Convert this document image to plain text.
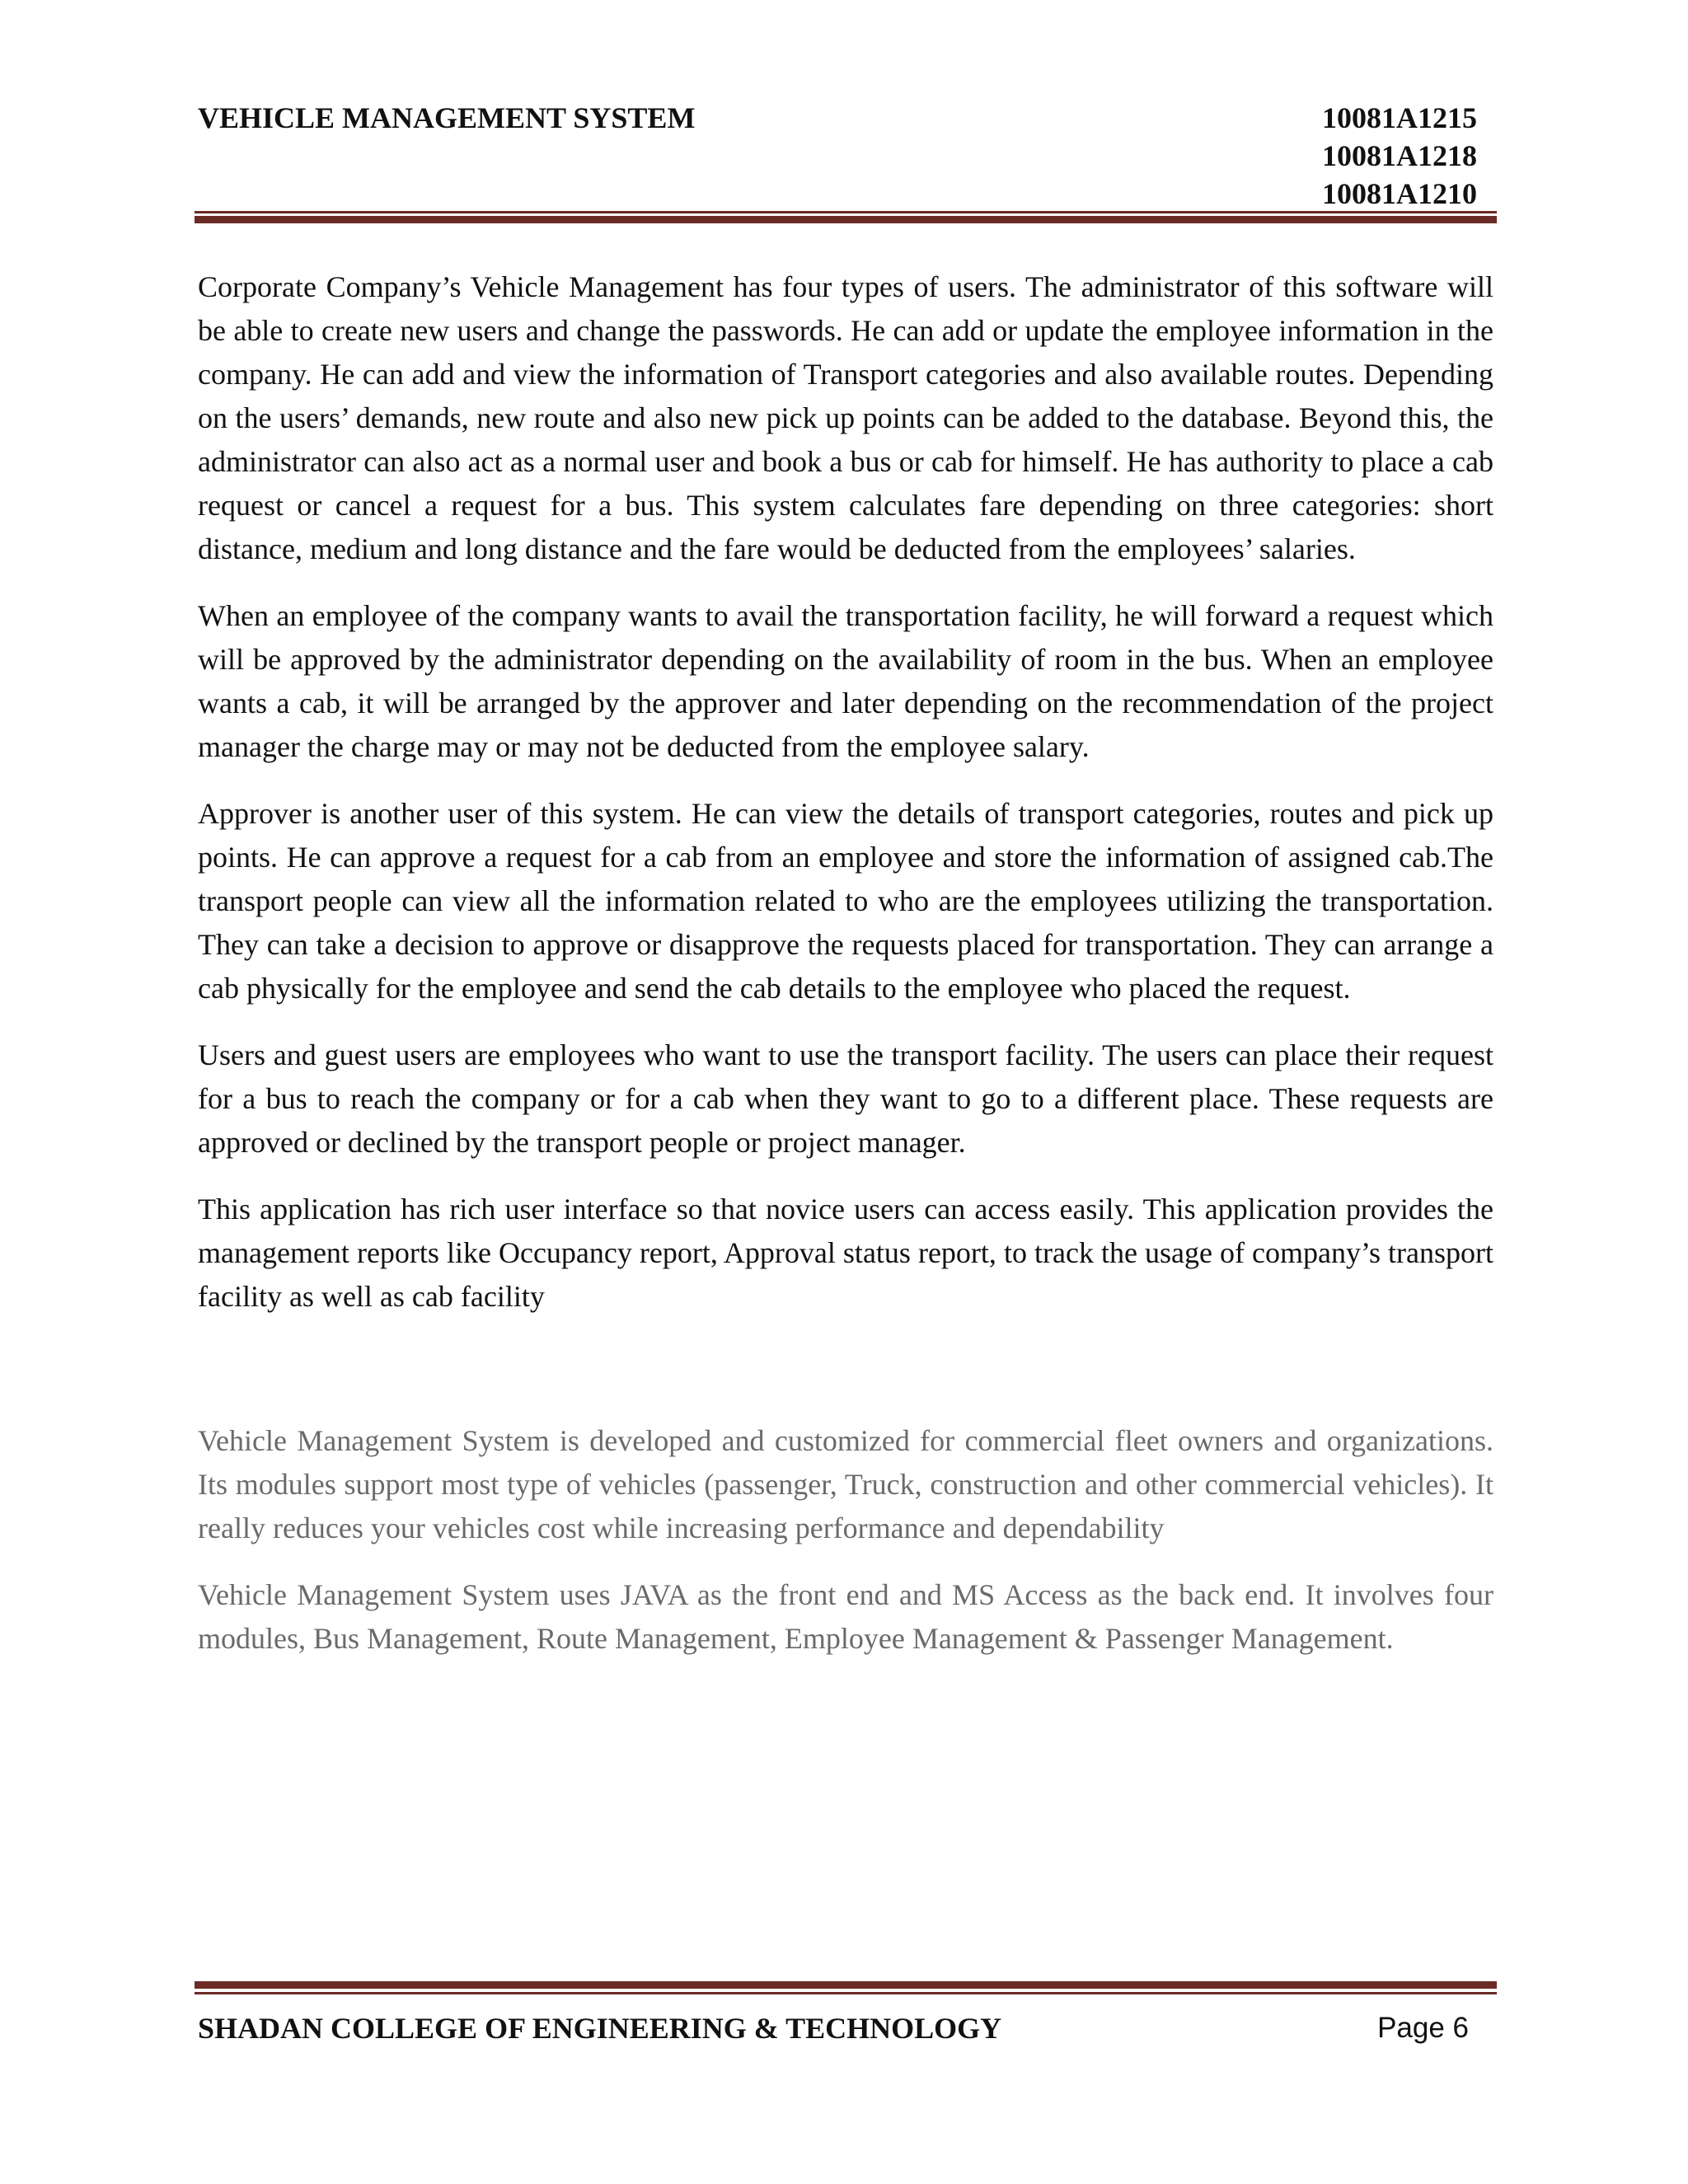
VEHICLE MANAGEMENT SYSTEM	10081A1215
10081A1218
10081A1210

Corporate Company’s Vehicle Management has four types of users. The administrator of this software will be able to create new users and change the passwords. He can add or update the employee information in the company. He can add and view the information of Transport categories and also available routes. Depending on the users’ demands, new route and also new pick up points can be added to the database. Beyond this, the administrator can also act as a normal user and book a bus or cab for himself. He has authority to place a cab request or cancel a request for a bus. This system calculates fare depending on three categories: short distance, medium and long distance and the fare would be deducted from the employees’ salaries.

When an employee of the company wants to avail the transportation facility, he will forward a request which will be approved by the administrator depending on the availability of room in the bus. When an employee wants a cab, it will be arranged by the approver and later depending on the recommendation of the project manager the charge may or may not be deducted from the employee salary.

Approver is another user of this system. He can view the details of transport categories, routes and pick up points. He can approve a request for a cab from an employee and store the information of assigned cab.The transport people can view all the information related to who are the employees utilizing the transportation. They can take a decision to approve or disapprove the requests placed for transportation. They can arrange a cab physically for the employee and send the cab details to the employee who placed the request.

Users and guest users are employees who want to use the transport facility. The users can place their request for a bus to reach the company or for a cab when they want to go to a different place. These requests are approved or declined by the transport people or project manager.

This application has rich user interface so that novice users can access easily. This application provides the management reports like Occupancy report, Approval status report, to track the usage of company’s transport facility as well as cab facility

Vehicle Management System is developed and customized for commercial fleet owners and organizations. Its modules support most type of vehicles (passenger, Truck, construction and other commercial vehicles). It really reduces your vehicles cost while increasing performance and dependability

Vehicle Management System uses JAVA as the front end and MS Access as the back end. It involves four modules, Bus Management, Route Management, Employee Management & Passenger Management.

SHADAN COLLEGE OF ENGINEERING & TECHNOLOGY	Page 6
